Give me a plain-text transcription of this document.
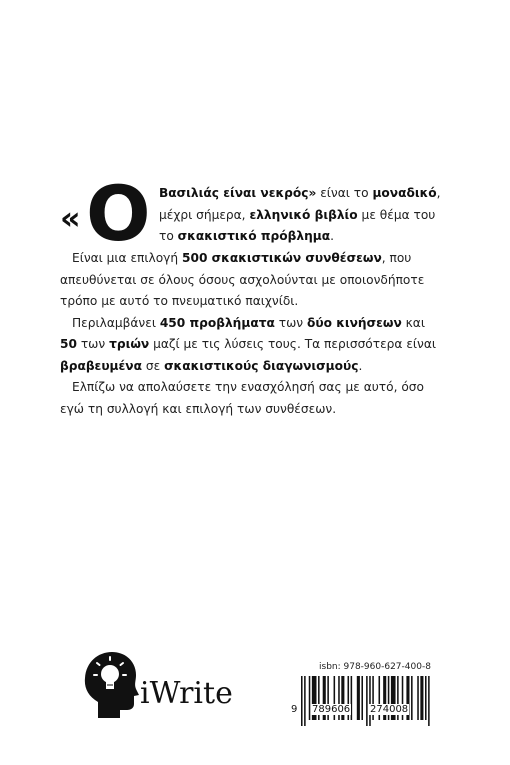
« Ο Βασιλιάς είναι νεκρός» είναι το μοναδικό, μέχρι σήμερα, ελληνικό βιβλίο με θέμα του το σκακιστικό πρόβλημα.

Είναι μια επιλογή 500 σκακιστικών συνθέσεων, που απευθύνεται σε όλους όσους ασχολούνται με οποιονδήποτε τρόπο με αυτό το πνευματικό παιχνίδι.

Περιλαμβάνει 450 προβλήματα των δύο κινήσεων και 50 των τριών μαζί με τις λύσεις τους. Τα περισσότερα είναι βραβευμένα σε σκακιστικούς διαγωνισμούς.

Ελπίζω να απολαύσετε την ενασχόλησή σας με αυτό, όσο εγώ τη συλλογή και επιλογή των συνθέσεων.

iWrite
isbn: 978-960-627-400-8
9 789606 274008
